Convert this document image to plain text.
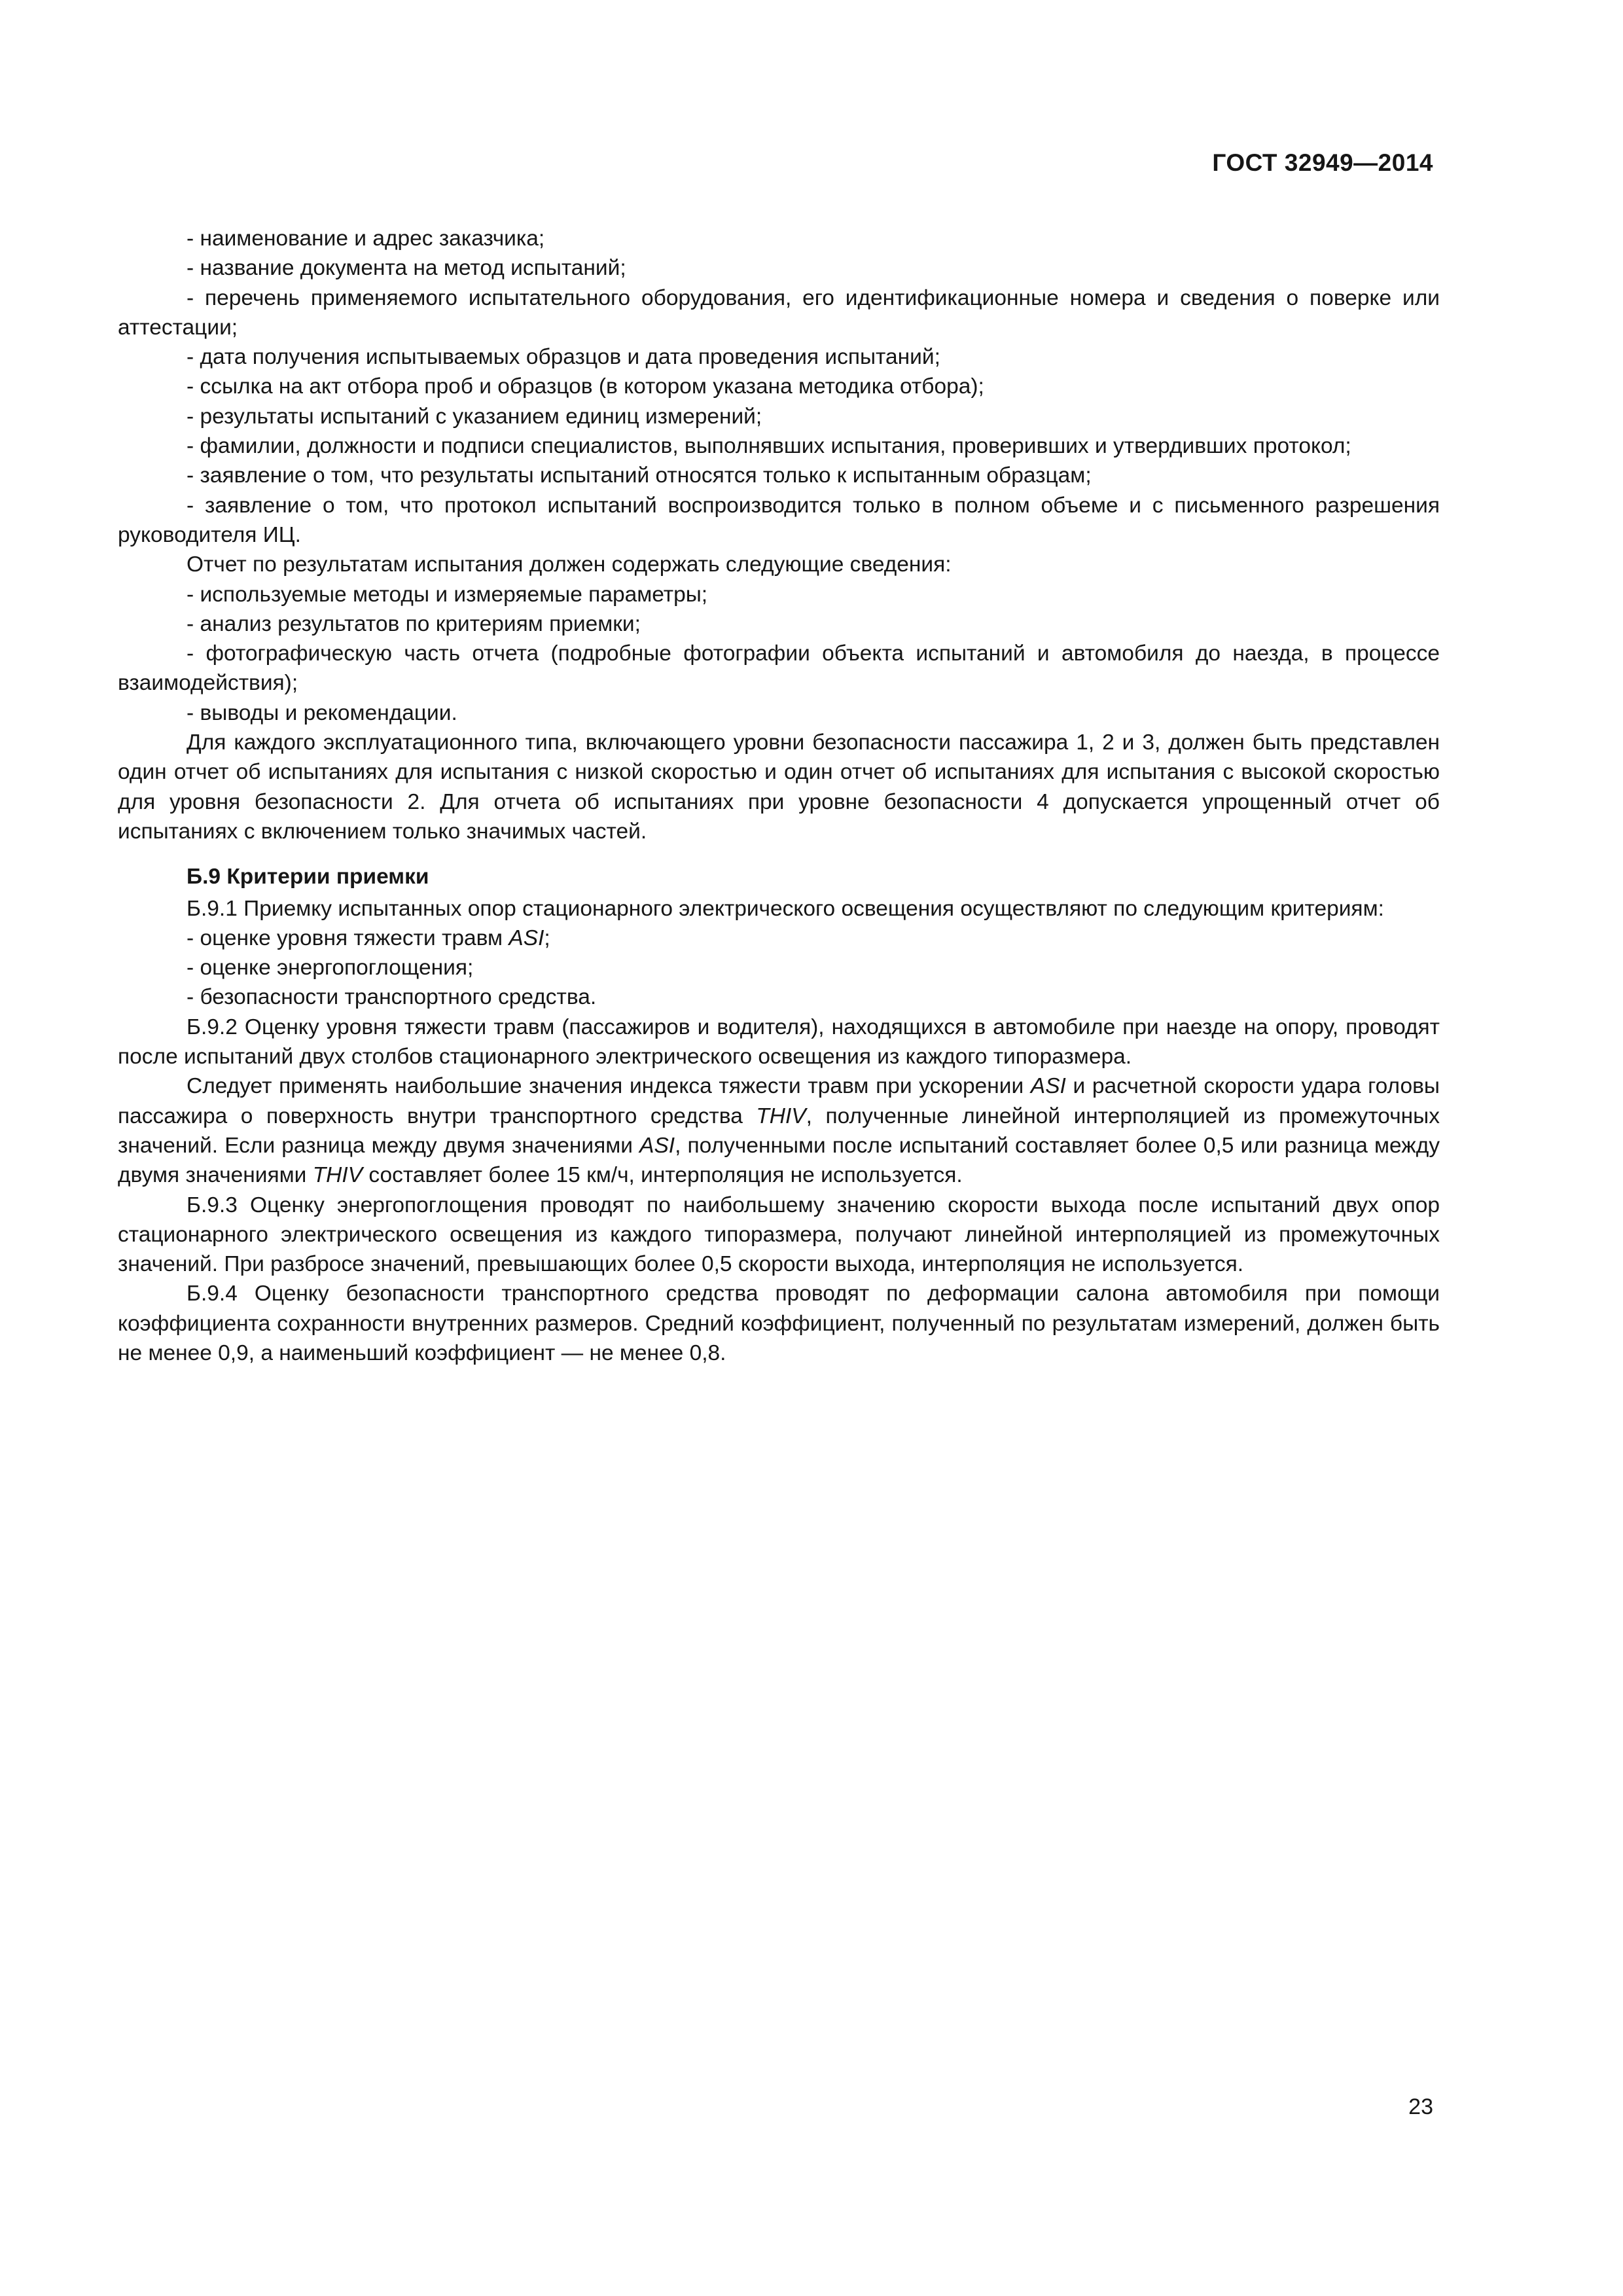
ГОСТ 32949—2014

- наименование и адрес заказчика;

- название документа на метод испытаний;

- перечень применяемого испытательного оборудования, его идентификационные номера и сведения о поверке или аттестации;

- дата получения испытываемых образцов и дата проведения испытаний;

- ссылка на акт отбора проб и образцов (в котором указана методика отбора);

- результаты испытаний с указанием единиц измерений;

- фамилии, должности и подписи специалистов, выполнявших испытания, проверивших и утвердивших протокол;

- заявление о том, что результаты испытаний относятся только к испытанным образцам;

- заявление о том, что протокол испытаний воспроизводится только в полном объеме и с письменного разрешения руководителя ИЦ.

Отчет по результатам испытания должен содержать следующие сведения:

- используемые методы и измеряемые параметры;

- анализ результатов по критериям приемки;

- фотографическую часть отчета (подробные фотографии объекта испытаний и автомобиля до наезда, в процессе взаимодействия);

- выводы и рекомендации.

Для каждого эксплуатационного типа, включающего уровни безопасности пассажира 1, 2 и 3, должен быть представлен один отчет об испытаниях для испытания с низкой скоростью и один отчет об испытаниях для испытания с высокой скоростью для уровня безопасности 2. Для отчета об испытаниях при уровне безопасности 4 допускается упрощенный отчет об испытаниях с включением только значимых частей.

Б.9 Критерии приемки

Б.9.1 Приемку испытанных опор стационарного электрического освещения осуществляют по следующим критериям:

- оценке уровня тяжести травм ASI;

- оценке энергопоглощения;

- безопасности транспортного средства.

Б.9.2 Оценку уровня тяжести травм (пассажиров и водителя), находящихся в автомобиле при наезде на опору, проводят после испытаний двух столбов стационарного электрического освещения из каждого типоразмера.

Следует применять наибольшие значения индекса тяжести травм при ускорении ASI и расчетной скорости удара головы пассажира о поверхность внутри транспортного средства THIV, полученные линейной интерполяцией из промежуточных значений. Если разница между двумя значениями ASI, полученными после испытаний составляет более 0,5 или разница между двумя значениями THIV составляет более 15 км/ч, интерполяция не используется.

Б.9.3 Оценку энергопоглощения проводят по наибольшему значению скорости выхода после испытаний двух опор стационарного электрического освещения из каждого типоразмера, получают линейной интерполяцией из промежуточных значений. При разбросе значений, превышающих более 0,5 скорости выхода, интерполяция не используется.

Б.9.4 Оценку безопасности транспортного средства проводят по деформации салона автомобиля при помощи коэффициента сохранности внутренних размеров. Средний коэффициент, полученный по результатам измерений, должен быть не менее 0,9, а наименьший коэффициент — не менее 0,8.

23
